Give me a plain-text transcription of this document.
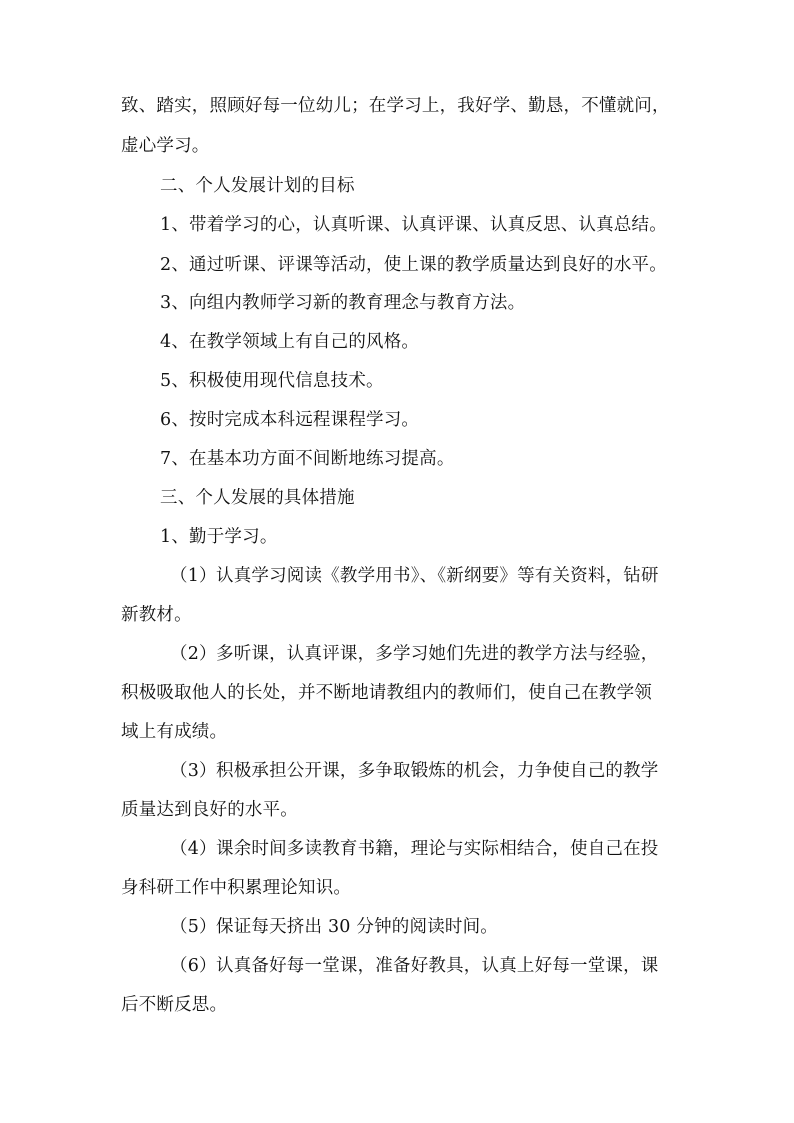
致、踏实，照顾好每一位幼儿；在学习上，我好学、勤恳，不懂就问，
虚心学习。
二、个人发展计划的目标
1、带着学习的心，认真听课、认真评课、认真反思、认真总结。
2、通过听课、评课等活动，使上课的教学质量达到良好的水平。
3、向组内教师学习新的教育理念与教育方法。
4、在教学领域上有自己的风格。
5、积极使用现代信息技术。
6、按时完成本科远程课程学习。
7、在基本功方面不间断地练习提高。
三、个人发展的具体措施
1、勤于学习。
（1）认真学习阅读《教学用书》、《新纲要》等有关资料，钻研
新教材。
（2）多听课，认真评课，多学习她们先进的教学方法与经验，
积极吸取他人的长处，并不断地请教组内的教师们，使自己在教学领
域上有成绩。
（3）积极承担公开课，多争取锻炼的机会，力争使自己的教学
质量达到良好的水平。
（4）课余时间多读教育书籍，理论与实际相结合，使自己在投
身科研工作中积累理论知识。
（5）保证每天挤出 30 分钟的阅读时间。
（6）认真备好每一堂课，准备好教具，认真上好每一堂课，课
后不断反思。
